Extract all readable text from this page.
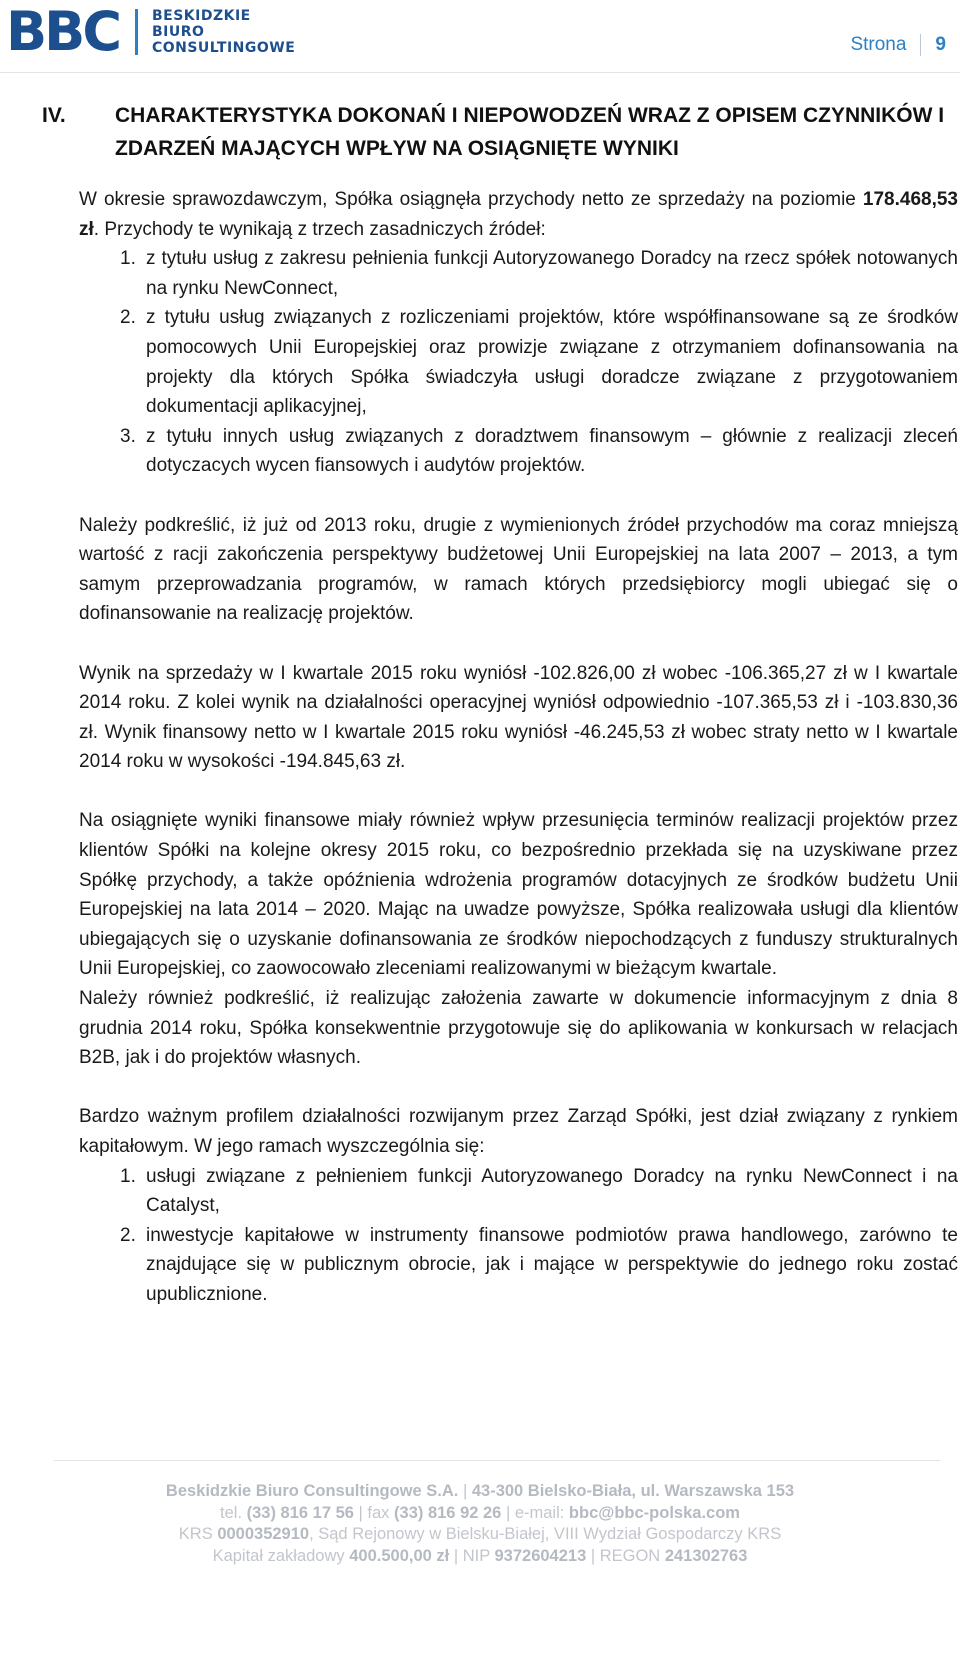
BBC BESKIDZKIE
BIURO
CONSULTINGOWE	Strona 9
IV.	CHARAKTERYSTYKA DOKONAŃ I NIEPOWODZEŃ WRAZ Z OPISEM CZYNNIKÓW I ZDARZEŃ MAJĄCYCH WPŁYW NA OSIĄGNIĘTE WYNIKI

W okresie sprawozdawczym, Spółka osiągnęła przychody netto ze sprzedaży na poziomie 178.468,53 zł. Przychody te wynikają z trzech zasadniczych źródeł:

1. z tytułu usług z zakresu pełnienia funkcji Autoryzowanego Doradcy na rzecz spółek notowanych na rynku NewConnect,
2. z tytułu usług związanych z rozliczeniami projektów, które współfinansowane są ze środków pomocowych Unii Europejskiej oraz prowizje związane z otrzymaniem dofinansowania na projekty dla których Spółka świadczyła usługi doradcze związane z przygotowaniem dokumentacji aplikacyjnej,
3. z tytułu innych usług związanych z doradztwem finansowym – głównie z realizacji zleceń dotyczacych wycen fiansowych i audytów projektów.

Należy podkreślić, iż już od 2013 roku, drugie z wymienionych źródeł przychodów ma coraz mniejszą wartość z racji zakończenia perspektywy budżetowej Unii Europejskiej na lata 2007 – 2013, a tym samym przeprowadzania programów, w ramach których przedsiębiorcy mogli ubiegać się o dofinansowanie na realizację projektów.

Wynik na sprzedaży w I kwartale 2015 roku wyniósł -102.826,00 zł wobec -106.365,27 zł w I kwartale 2014 roku. Z kolei wynik na działalności operacyjnej wyniósł odpowiednio -107.365,53 zł i -103.830,36 zł. Wynik finansowy netto w I kwartale 2015 roku wyniósł -46.245,53 zł wobec straty netto w I kwartale 2014 roku w wysokości -194.845,63 zł.

Na osiągnięte wyniki finansowe miały również wpływ przesunięcia terminów realizacji projektów przez klientów Spółki na kolejne okresy 2015 roku, co bezpośrednio przekłada się na uzyskiwane przez Spółkę przychody, a także opóźnienia wdrożenia programów dotacyjnych ze środków budżetu Unii Europejskiej na lata 2014 – 2020. Mając na uwadze powyższe, Spółka realizowała usługi dla klientów ubiegających się o uzyskanie dofinansowania ze środków niepochodzących z funduszy strukturalnych Unii Europejskiej, co zaowocowało zleceniami realizowanymi w bieżącym kwartale.

Należy również podkreślić, iż realizując założenia zawarte w dokumencie informacyjnym z dnia 8 grudnia 2014 roku, Spółka konsekwentnie przygotowuje się do aplikowania w konkursach w relacjach B2B, jak i do projektów własnych.

Bardzo ważnym profilem działalności rozwijanym przez Zarząd Spółki, jest dział związany z rynkiem kapitałowym. W jego ramach wyszczególnia się:

1. usługi związane z pełnieniem funkcji Autoryzowanego Doradcy na rynku NewConnect i na Catalyst,
2. inwestycje kapitałowe w instrumenty finansowe podmiotów prawa handlowego, zarówno te znajdujące się w publicznym obrocie, jak i mające w perspektywie do jednego roku zostać upublicznione.
Beskidzkie Biuro Consultingowe S.A. | 43-300 Bielsko-Biała, ul. Warszawska 153
tel. (33) 816 17 56 | fax (33) 816 92 26 | e-mail: bbc@bbc-polska.com
KRS 0000352910, Sąd Rejonowy w Bielsku-Białej, VIII Wydział Gospodarczy KRS
Kapitał zakładowy 400.500,00 zł | NIP 9372604213 | REGON 241302763
